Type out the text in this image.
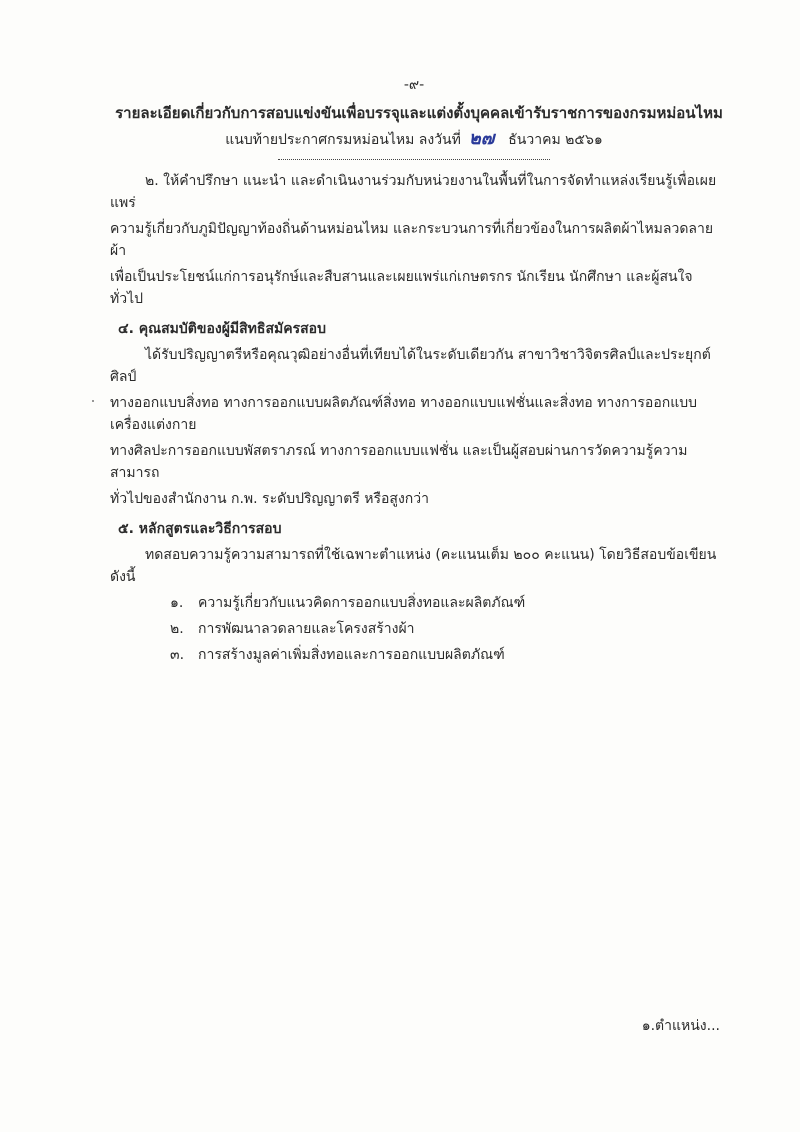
-๙-
รายละเอียดเกี่ยวกับการสอบแข่งขันเพื่อบรรจุและแต่งตั้งบุคคลเข้ารับราชการของกรมหม่อนไหม
แนบท้ายประกาศกรมหม่อนไหม ลงวันที่ ๒๗ ธันวาคม ๒๕๖๑
๒. ให้คำปรึกษา แนะนำ และดำเนินงานร่วมกับหน่วยงานในพื้นที่ในการจัดทำแหล่งเรียนรู้เพื่อเผยแพร่
ความรู้เกี่ยวกับภูมิปัญญาท้องถิ่นด้านหม่อนไหม และกระบวนการที่เกี่ยวข้องในการผลิตผ้าไหมลวดลายผ้า
เพื่อเป็นประโยชน์แก่การอนุรักษ์และสืบสานและเผยแพร่แก่เกษตรกร นักเรียน นักศึกษา และผู้สนใจทั่วไป
๔. คุณสมบัติของผู้มีสิทธิสมัครสอบ
ได้รับปริญญาตรีหรือคุณวุฒิอย่างอื่นที่เทียบได้ในระดับเดียวกัน สาขาวิชาวิจิตรศิลป์และประยุกต์ศิลป์
ทางออกแบบสิ่งทอ ทางการออกแบบผลิตภัณฑ์สิ่งทอ ทางออกแบบแฟชั่นและสิ่งทอ ทางการออกแบบเครื่องแต่งกาย
ทางศิลปะการออกแบบพัสตราภรณ์ ทางการออกแบบแฟชั่น และเป็นผู้สอบผ่านการวัดความรู้ความสามารถ
ทั่วไปของสำนักงาน ก.พ. ระดับปริญญาตรี หรือสูงกว่า
๕. หลักสูตรและวิธีการสอบ
ทดสอบความรู้ความสามารถที่ใช้เฉพาะตำแหน่ง (คะแนนเต็ม ๒๐๐ คะแนน) โดยวิธีสอบข้อเขียน ดังนี้
๑. ความรู้เกี่ยวกับแนวคิดการออกแบบสิ่งทอและผลิตภัณฑ์
๒. การพัฒนาลวดลายและโครงสร้างผ้า
๓. การสร้างมูลค่าเพิ่มสิ่งทอและการออกแบบผลิตภัณฑ์
๑.ตำแหน่ง...
